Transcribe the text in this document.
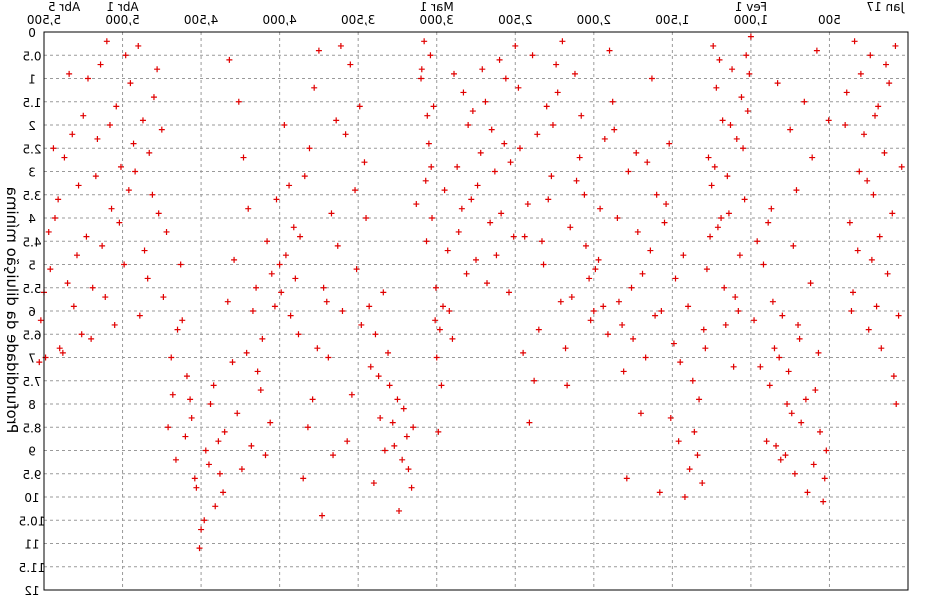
0
0.5
1
1.5
2
2.5
3
3.5
4
4.5
5
5.5
6
6.5
7
7.5
8
8.5
9
9.5
10
10.5
11
11.5
12
500
1,000
1,500
2,000
2,500
3,000
3,500
4,000
4,500
5,000
5,500
Jan 17
Fev 1
Mar 1
Abr 1
Abr 5
Profundidade da diluição mínima
